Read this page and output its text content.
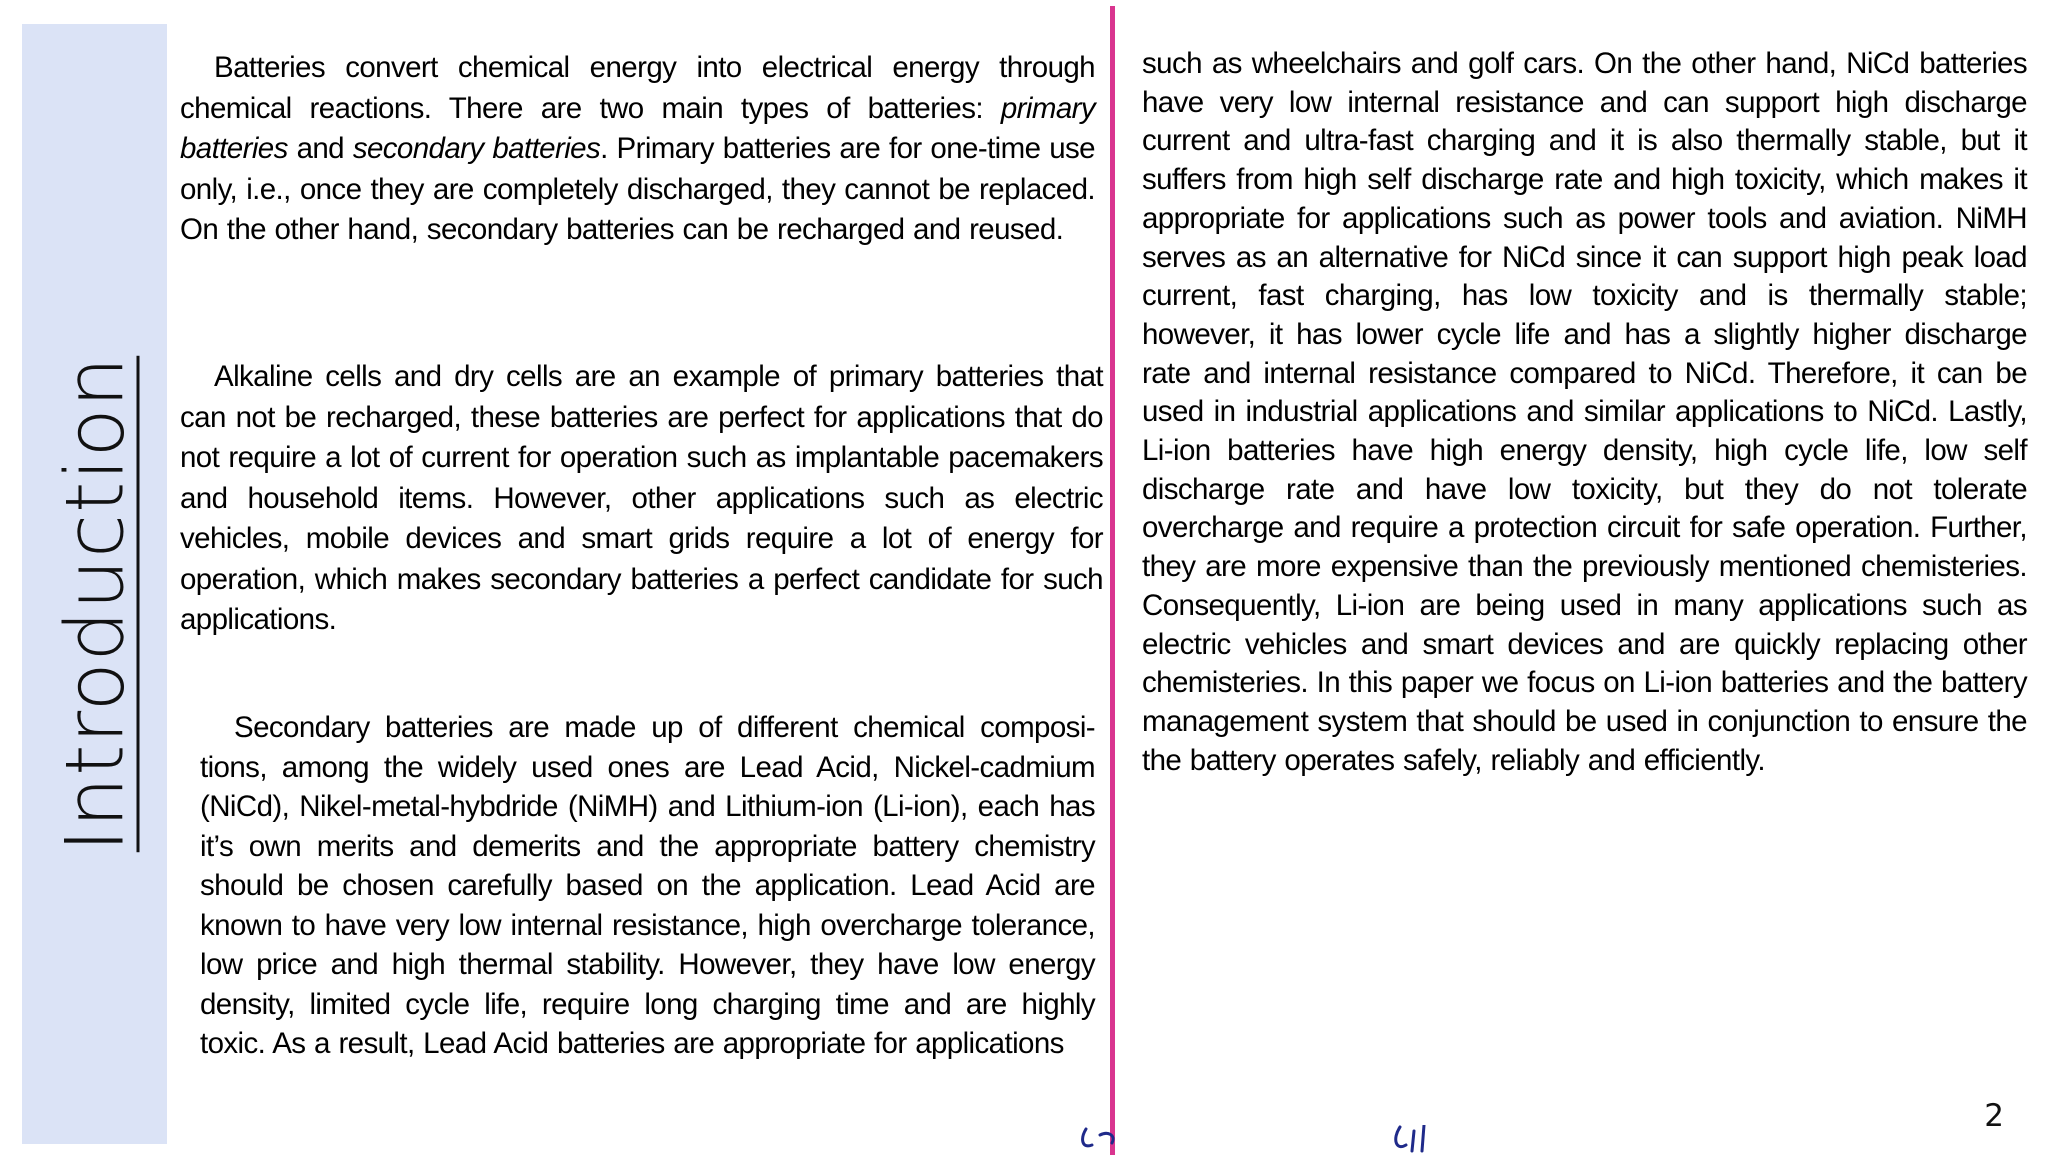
Introduction

Batteries convert chemical energy into electrical energy through chemical reactions. There are two main types of batteries: primary batteries and secondary batteries. Primary batteries are for one-time use only, i.e., once they are completely discharged, they cannot be replaced. On the other hand, secondary batteries can be recharged and reused.

Alkaline cells and dry cells are an example of primary batteries that can not be recharged, these batteries are perfect for applications that do not require a lot of current for operation such as implantable pacemakers and household items. However, other applications such as electric vehicles, mobile devices and smart grids require a lot of energy for operation, which makes secondary batteries a perfect candidate for such applications.

Secondary batteries are made up of different chemical composi- tions, among the widely used ones are Lead Acid, Nickel-cadmium (NiCd), Nikel-metal-hybdride (NiMH) and Lithium-ion (Li-ion), each has it’s own merits and demerits and the appropriate battery chemistry should be chosen carefully based on the application. Lead Acid are known to have very low internal resistance, high overcharge tolerance, low price and high thermal stability. However, they have low energy density, limited cycle life, require long charging time and are highly toxic. As a result, Lead Acid batteries are appropriate for applications

such as wheelchairs and golf cars. On the other hand, NiCd batteries have very low internal resistance and can support high discharge current and ultra-fast charging and it is also thermally stable, but it suffers from high self discharge rate and high toxicity, which makes it appropriate for applications such as power tools and aviation. NiMH serves as an alternative for NiCd since it can support high peak load current, fast charging, has low toxicity and is thermally stable; however, it has lower cycle life and has a slightly higher discharge rate and internal resistance compared to NiCd. Therefore, it can be used in industrial applications and similar applications to NiCd. Lastly, Li-ion batteries have high energy density, high cycle life, low self discharge rate and have low toxicity, but they do not tolerate overcharge and require a protection circuit for safe operation. Further, they are more expensive than the previously mentioned chemisteries. Consequently, Li-ion are being used in many applications such as electric vehicles and smart devices and are quickly replacing other chemisteries. In this paper we focus on Li-ion batteries and the battery management system that should be used in conjunction to ensure the the battery operates safely, reliably and efficiently.

2
